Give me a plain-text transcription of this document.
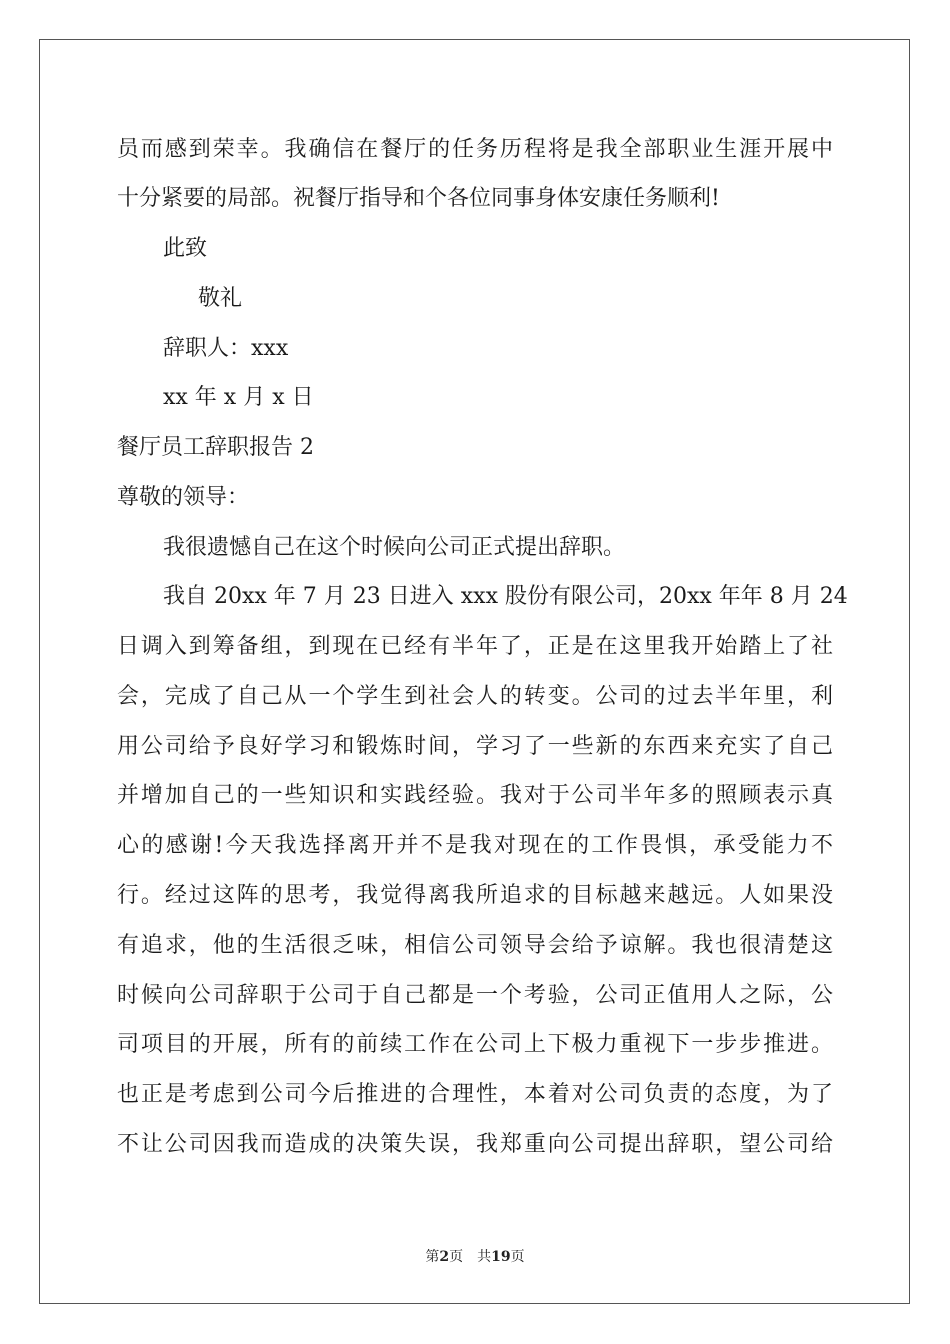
员而感到荣幸。我确信在餐厅的任务历程将是我全部职业生涯开展中
十分紧要的局部。祝餐厅指导和个各位同事身体安康任务顺利!
此致
敬礼
辞职人：xxx
xx 年 x 月 x 日
餐厅员工辞职报告 2
尊敬的领导：
我很遗憾自己在这个时候向公司正式提出辞职。
我自 20xx 年 7 月 23 日进入 xxx 股份有限公司，20xx 年年 8 月 24
日调入到筹备组，到现在已经有半年了，正是在这里我开始踏上了社
会，完成了自己从一个学生到社会人的转变。公司的过去半年里，利
用公司给予良好学习和锻炼时间，学习了一些新的东西来充实了自己
并增加自己的一些知识和实践经验。我对于公司半年多的照顾表示真
心的感谢!今天我选择离开并不是我对现在的工作畏惧，承受能力不
行。经过这阵的思考，我觉得离我所追求的目标越来越远。人如果没
有追求，他的生活很乏味，相信公司领导会给予谅解。我也很清楚这
时候向公司辞职于公司于自己都是一个考验，公司正值用人之际，公
司项目的开展，所有的前续工作在公司上下极力重视下一步步推进。
也正是考虑到公司今后推进的合理性，本着对公司负责的态度，为了
不让公司因我而造成的决策失误，我郑重向公司提出辞职，望公司给
第2页 共19页
